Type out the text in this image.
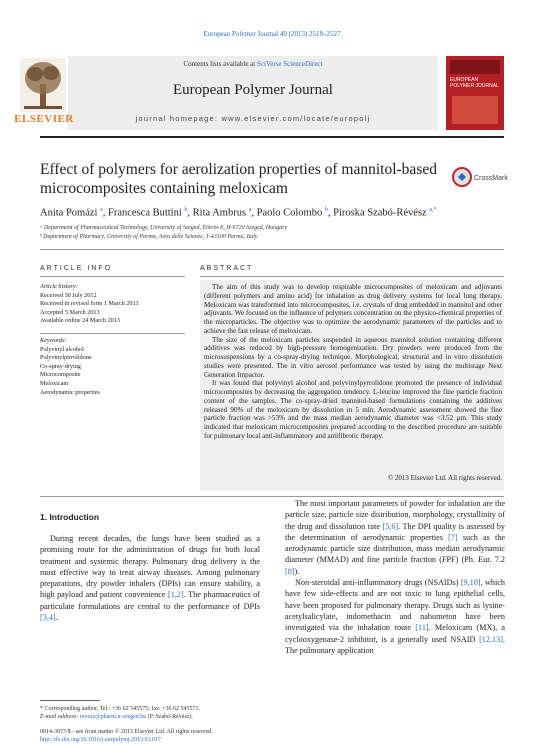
European Polymer Journal 49 (2013) 2518–2527
Contents lists available at SciVerse ScienceDirect
European Polymer Journal
journal homepage: www.elsevier.com/locate/europolj
ELSEVIER
EUROPEAN POLYMER JOURNAL
Effect of polymers for aerolization properties of mannitol-based microcomposites containing meloxicam
CrossMark
Anita Pomázi $^a$, Francesca Buttini $^b$, Rita Ambrus $^a$, Paolo Colombo $^b$, Piroska Szabó-Révész $^{a,*}$
ᵃ Department of Pharmaceutical Technology, University of Szeged, Eötvös 6, H-6720 Szeged, Hungary
ᵇ Department of Pharmacy, University of Parma, Area delle Scienze, 1-43100 Parma, Italy
ARTICLE INFO	ABSTRACT
Article history:
Received 30 July 2012
Received in revised form 1 March 2013
Accepted 5 March 2013
Available online 24 March 2013
Keywords:
Polyvinyl alcohol
Polyvinylpirrolidone
Co-spray-drying
Microcomposite
Meloxicam
Aerodynamic properties

The aim of this study was to develop respirable microcomposites of meloxicam and adjuvants (different polymers and amino acid) for inhalation as drug delivery systems for local lung therapy. Meloxicam was transformed into microcomposites, i.e. crystals of drug embedded in mannitol and other adjuvants. We focused on the influence of polymers concentration on the physico-chemical properties of the microparticles. The objective was to optimize the aerodynamic parameters of the particles and to achieve the fast release of meloxicam.

The size of the meloxicam particles suspended in aqueous mannitol solution containing different additives was reduced by high-pressure homogenization. Dry powders were produced from the microsuspensions by a co-spray-drying technique. Morphological, structural and in vitro dissolution studies were presented. The in vitro aerosol performance was tested by using the multistage Next Generation Impactor.

It was found that polyvinyl alcohol and polyvinylpyrrolidone promoted the presence of individual microcomposites by decreasing the aggregation tendency. L-leucine improved the fine particle fraction content of the samples. The co-spray-dried mannitol-based formulations containing the additives released 90% of the meloxicam by dissolution in 5 min. Aerodynamic assessment showed the fine particle fraction was >53% and the mass median aerodynamic diameter was <3.52 µm. This study indicated that meloxicam microcomposites prepared according to the described procedure are suitable for pulmonary local anti-inflammatory and antifibrotic therapy.

© 2013 Elsevier Ltd. All rights reserved.
1. Introduction

During recent decades, the lungs have been studied as a promising route for the administration of drugs for both local treatment and systemic therapy. Pulmonary drug delivery is the most effective way to treat airway diseases. Among pulmonary preparations, dry powder inhalers (DPIs) can ensure stability, a high payload and patient convenience [1,2]. The pharmaceutics of particulate formulations are central to the performance of DPIs [3,4].

The most important parameters of powder for inhalation are the particle size, particle size distribution, morphology, crystallinity of the drug and dissolution rate [5,6]. The DPI quality is assessed by the determination of aerodynamic properties [7] such as the aerodynamic particle size distribution, mass median aerodynamic diameter (MMAD) and fine particle fraction (FPF) (Ph. Eur. 7.2 [8]).

Non-steroidal anti-inflammatory drugs (NSAIDs) [9,10], which have few side-effects and are not toxic to lung epithelial cells, have been proposed for pulmonary therapy. Drugs such as lysine-acetylsalicylate, indomethacin and nabumeton have been investigated via the inhalation route [11]. Meloxicam (MX), a cyclooxygenase-2 inhibitor, is a generally used NSAID [12,13]. The pulmonary application

* Corresponding author. Tel.: +36 62 545575; fax: +36 62 545571.
E-mail address: revesz@pharm.u-szeged.hu (P. Szabó-Révész).
0014-3057/$ - see front matter © 2013 Elsevier Ltd. All rights reserved.
http://dx.doi.org/10.1016/j.eurpolymj.2013.03.017
